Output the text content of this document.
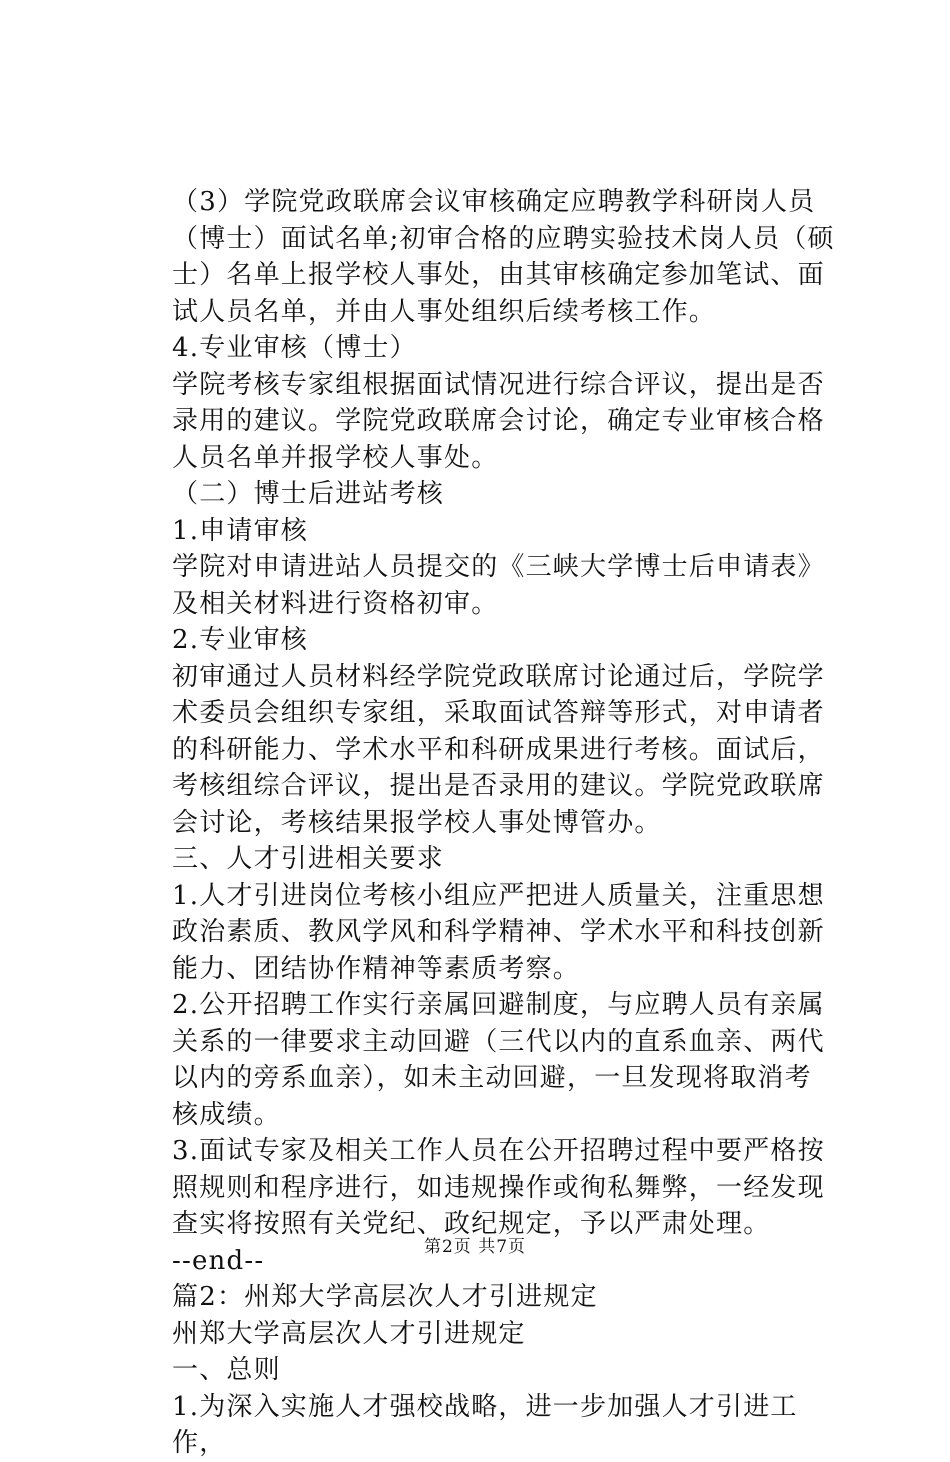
（3）学院党政联席会议审核确定应聘教学科研岗人员（博士）面试名单;初审合格的应聘实验技术岗人员（硕士）名单上报学校人事处，由其审核确定参加笔试、面试人员名单，并由人事处组织后续考核工作。

4.专业审核（博士）

学院考核专家组根据面试情况进行综合评议，提出是否录用的建议。学院党政联席会讨论，确定专业审核合格人员名单并报学校人事处。

（二）博士后进站考核

1.申请审核

学院对申请进站人员提交的《三峡大学博士后申请表》及相关材料进行资格初审。

2.专业审核

初审通过人员材料经学院党政联席讨论通过后，学院学术委员会组织专家组，采取面试答辩等形式，对申请者的科研能力、学术水平和科研成果进行考核。面试后，考核组综合评议，提出是否录用的建议。学院党政联席会讨论，考核结果报学校人事处博管办。

三、人才引进相关要求

1.人才引进岗位考核小组应严把进人质量关，注重思想政治素质、教风学风和科学精神、学术水平和科技创新能力、团结协作精神等素质考察。

2.公开招聘工作实行亲属回避制度，与应聘人员有亲属关系的一律要求主动回避（三代以内的直系血亲、两代以内的旁系血亲），如未主动回避，一旦发现将取消考核成绩。

3.面试专家及相关工作人员在公开招聘过程中要严格按照规则和程序进行，如违规操作或徇私舞弊，一经发现查实将按照有关党纪、政纪规定，予以严肃处理。

--end--

篇2：州郑大学高层次人才引进规定

州郑大学高层次人才引进规定

一、总则

1.为深入实施人才强校战略，进一步加强人才引进工作，

第2页 共7页
